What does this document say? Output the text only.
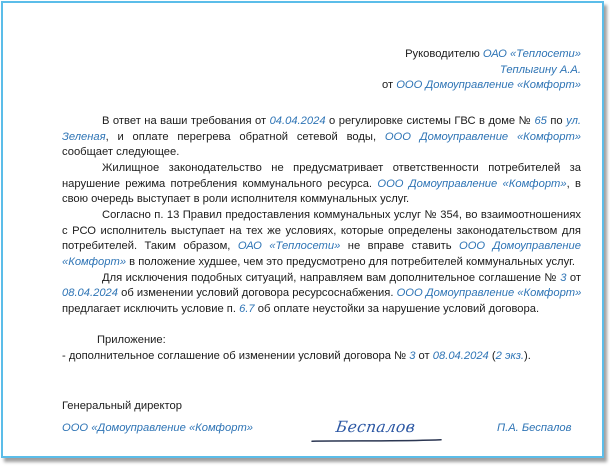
Руководителю ОАО «Теплосети»
Теплыгину А.А.
от ООО Домоуправление «Комфорт»
В ответ на ваши требования от 04.04.2024 о регулировке системы ГВС в доме № 65 по ул.
Зеленая, и оплате перегрева обратной сетевой воды, ООО Домоуправление «Комфорт»
сообщает следующее.
Жилищное законодательство не предусматривает ответственности потребителей за
нарушение режима потребления коммунального ресурса. ООО Домоуправление «Комфорт», в
свою очередь выступает в роли исполнителя коммунальных услуг.
Согласно п. 13 Правил предоставления коммунальных услуг № 354, во взаимоотношениях
с РСО исполнитель выступает на тех же условиях, которые определены законодательством для
потребителей. Таким образом, ОАО «Теплосети» не вправе ставить ООО Домоуправление
«Комфорт» в положение худшее, чем это предусмотрено для потребителей коммунальных услуг.
Для исключения подобных ситуаций, направляем вам дополнительное соглашение № 3 от
08.04.2024 об изменении условий договора ресурсоснабжения. ООО Домоуправление «Комфорт»
предлагает исключить условие п. 6.7 об оплате неустойки за нарушение условий договора.
Приложение:
- дополнительное соглашение об изменении условий договора № 3 от 08.04.2024 (2 экз.).
Генеральный директор
ООО «Домоуправление «Комфорт»	Беспалов	П.А. Беспалов
